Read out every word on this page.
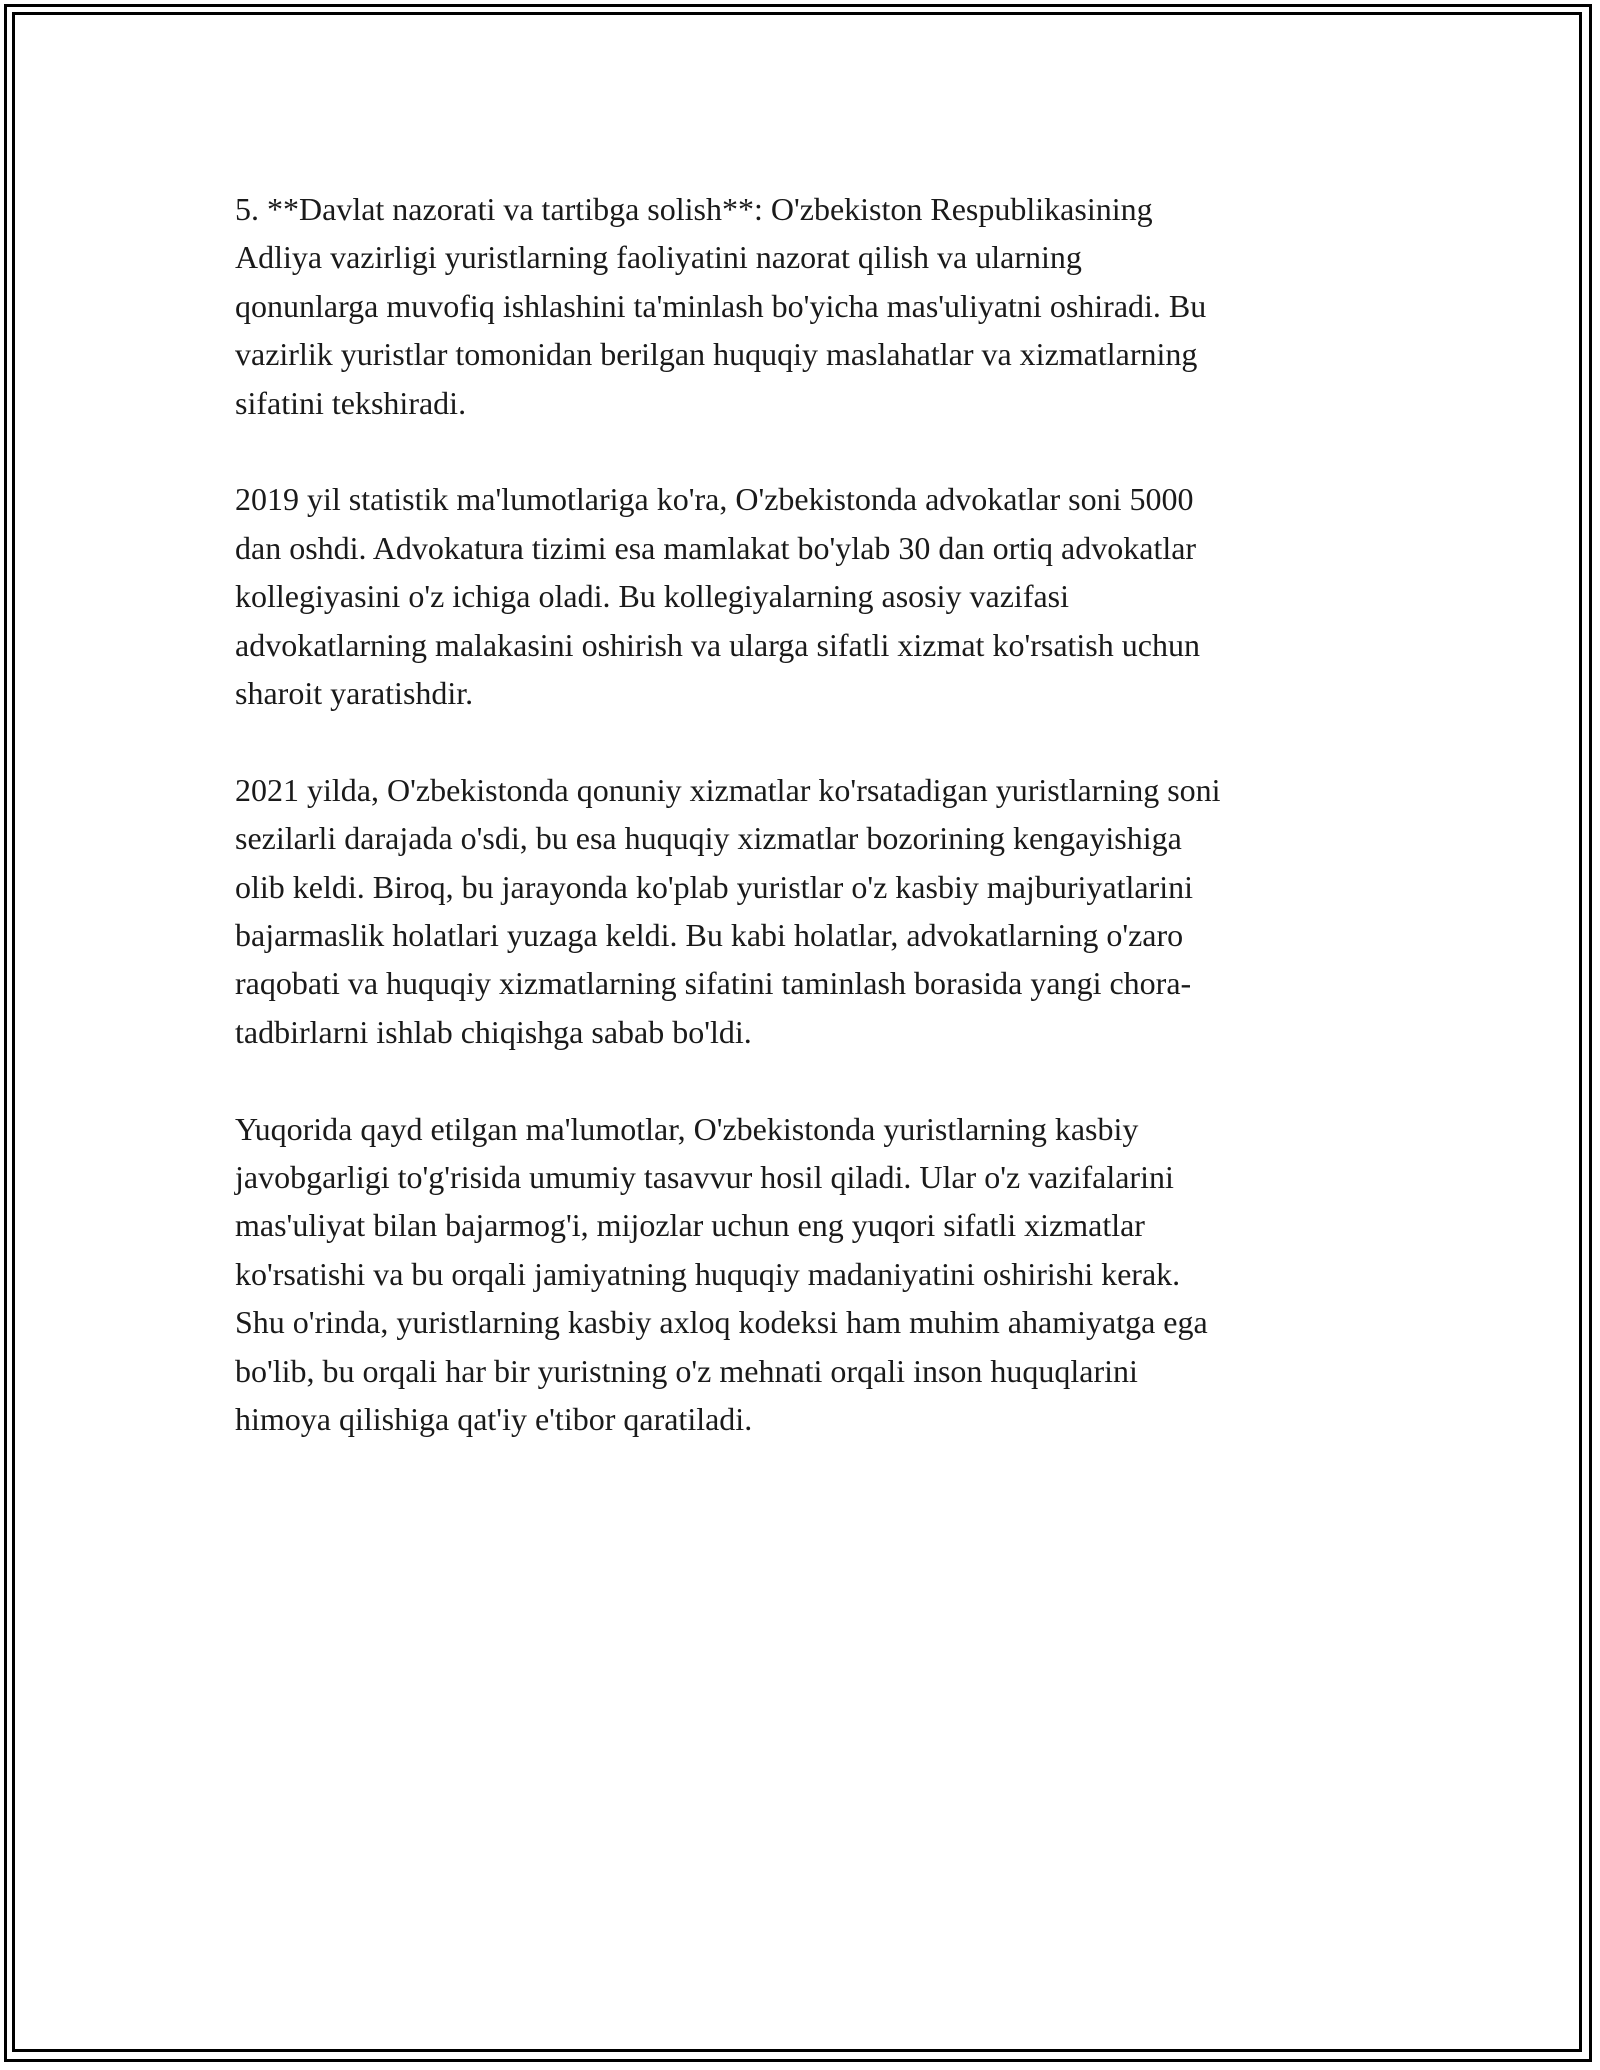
5. **Davlat nazorati va tartibga solish**: O'zbekiston Respublikasining
Adliya vazirligi yuristlarning faoliyatini nazorat qilish va ularning
qonunlarga muvofiq ishlashini ta'minlash bo'yicha mas'uliyatni oshiradi. Bu
vazirlik yuristlar tomonidan berilgan huquqiy maslahatlar va xizmatlarning
sifatini tekshiradi.

2019 yil statistik ma'lumotlariga ko'ra, O'zbekistonda advokatlar soni 5000
dan oshdi. Advokatura tizimi esa mamlakat bo'ylab 30 dan ortiq advokatlar
kollegiyasini o'z ichiga oladi. Bu kollegiyalarning asosiy vazifasi
advokatlarning malakasini oshirish va ularga sifatli xizmat ko'rsatish uchun
sharoit yaratishdir.

2021 yilda, O'zbekistonda qonuniy xizmatlar ko'rsatadigan yuristlarning soni
sezilarli darajada o'sdi, bu esa huquqiy xizmatlar bozorining kengayishiga
olib keldi. Biroq, bu jarayonda ko'plab yuristlar o'z kasbiy majburiyatlarini
bajarmaslik holatlari yuzaga keldi. Bu kabi holatlar, advokatlarning o'zaro
raqobati va huquqiy xizmatlarning sifatini taminlash borasida yangi chora-
tadbirlarni ishlab chiqishga sabab bo'ldi.

Yuqorida qayd etilgan ma'lumotlar, O'zbekistonda yuristlarning kasbiy
javobgarligi to'g'risida umumiy tasavvur hosil qiladi. Ular o'z vazifalarini
mas'uliyat bilan bajarmog'i, mijozlar uchun eng yuqori sifatli xizmatlar
ko'rsatishi va bu orqali jamiyatning huquqiy madaniyatini oshirishi kerak.
Shu o'rinda, yuristlarning kasbiy axloq kodeksi ham muhim ahamiyatga ega
bo'lib, bu orqali har bir yuristning o'z mehnati orqali inson huquqlarini
himoya qilishiga qat'iy e'tibor qaratiladi.
